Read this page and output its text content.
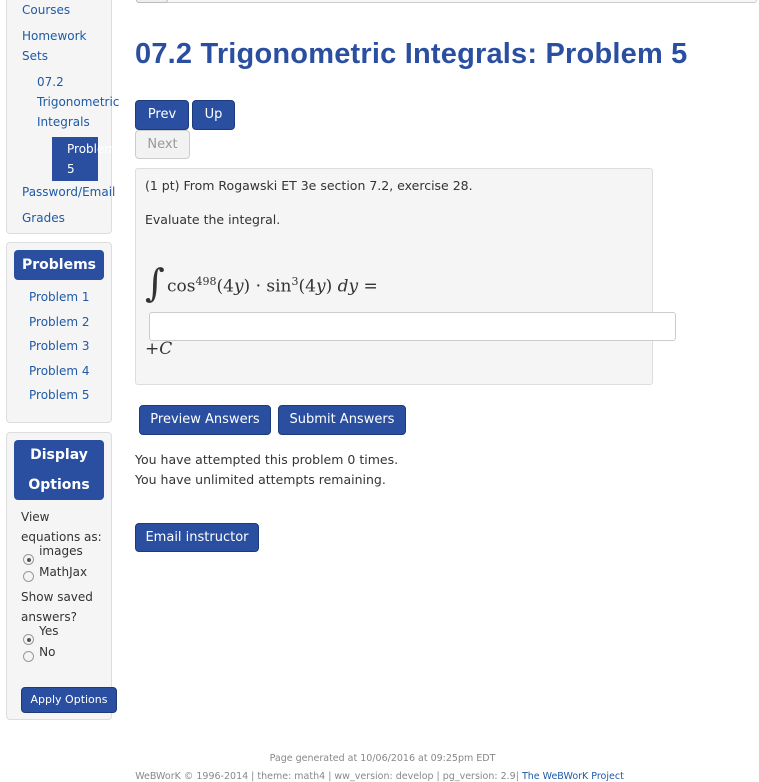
Courses
Homework Sets
07.2 Trigonometric Integrals
Problem 5
Password/Email
Grades
Problems
Problem 1
Problem 2
Problem 3
Problem 4
Problem 5
Display Options
View equations as:
$^{images}$
$^{MathJax}$
Show saved answers?
$^{Yes}$
$^{No}$
Apply Options
07.2 Trigonometric Integrals: Problem 5
Prev	Up
Next
(1 pt) From Rogawski ET 3e section 7.2, exercise 28.
Evaluate the integral.
∫ $\cos^{498}(4y) \cdot \sin^3(4y)$ dy =
+C
Preview Answers	Submit Answers
You have attempted this problem 0 times.
You have unlimited attempts remaining.
Email instructor
Page generated at 10/06/2016 at 09:25pm EDT
WeBWorK © 1996-2014 | theme: math4 | ww_version: develop | pg_version: 2.9| The WeBWorK Project
